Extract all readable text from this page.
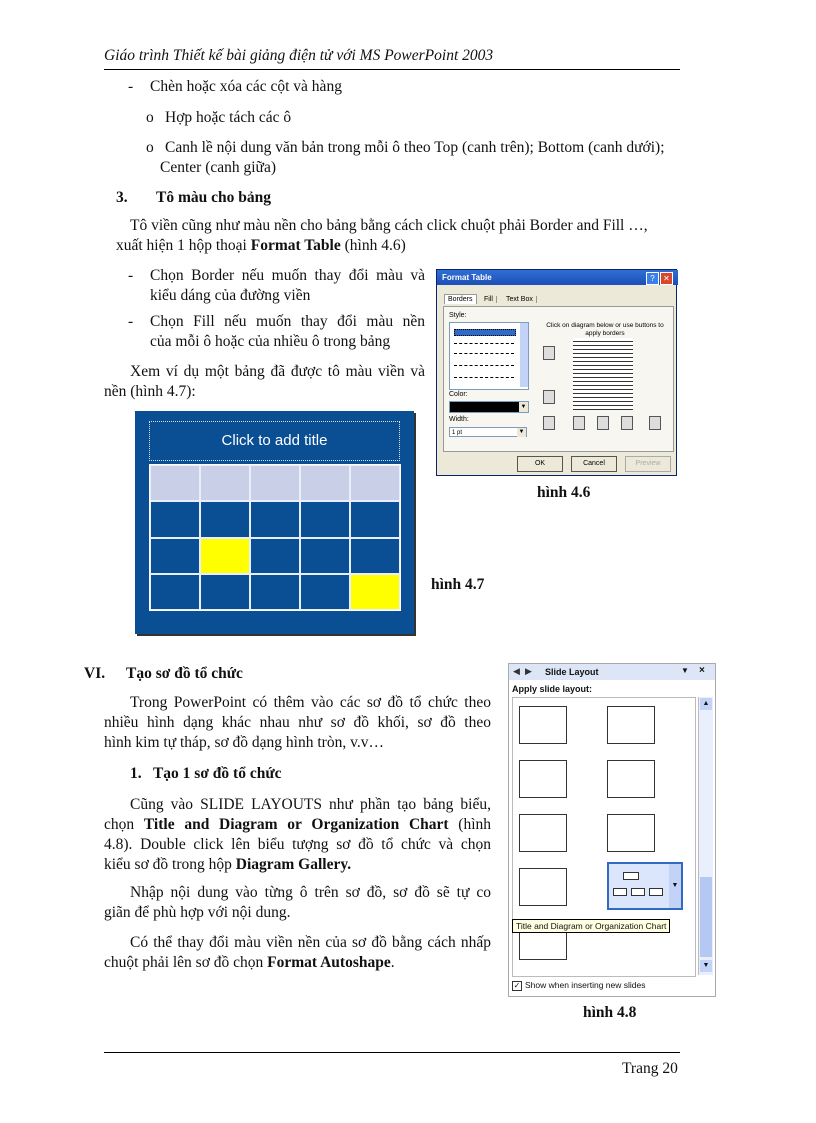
Giáo trình Thiết kế bài giảng điện tử với MS PowerPoint 2003
- Chèn hoặc xóa các cột và hàng
o Hợp hoặc tách các ô
o Canh lề nội dung văn bản trong mỗi ô theo Top (canh trên); Bottom (canh dưới);
Center (canh giữa)
3. Tô màu cho bảng
Tô viền cũng như màu nền cho bảng bằng cách click chuột phải Border and Fill …,
xuất hiện 1 hộp thoại Format Table (hình 4.6)
- Chọn Border nếu muốn thay đổi màu và
kiểu dáng của đường viền
- Chọn Fill nếu muốn thay đổi màu nền
của mỗi ô hoặc của nhiều ô trong bảng
Xem ví dụ một bảng đã được tô màu viền và
nền (hình 4.7):
Format Table	?	✕
Borders	Fill	Text Box
Style:
Color:
▼
Width:
1 pt	▼
Click on diagram below or use buttons to apply borders
OK	Cancel	Preview
hình 4.6
Click to add title
hình 4.7
VI. Tạo sơ đồ tổ chức
Trong PowerPoint có thêm vào các sơ đồ tổ chức theo
nhiều hình dạng khác nhau như sơ đồ khối, sơ đồ theo
hình kim tự tháp, sơ đồ dạng hình tròn, v.v…
1.   Tạo 1 sơ đồ tổ chức
Cũng vào SLIDE LAYOUTS như phần tạo bảng biểu,
chọn Title and Diagram or Organization Chart (hình
4.8). Double click lên biểu tượng sơ đồ tổ chức và chọn
kiểu sơ đồ trong hộp Diagram Gallery.
Nhập nội dung vào từng ô trên sơ đồ, sơ đồ sẽ tự co
giãn để phù hợp với nội dung.
Có thể thay đổi màu viền nền của sơ đồ bằng cách nhấp
chuột phải lên sơ đồ chọn Format Autoshape.
◀ ▶ Slide Layout	▼ ×
Apply slide layout:
▲
▼
▼
Title and Diagram or Organization Chart
✓ Show when inserting new slides
hình 4.8
Trang 20
